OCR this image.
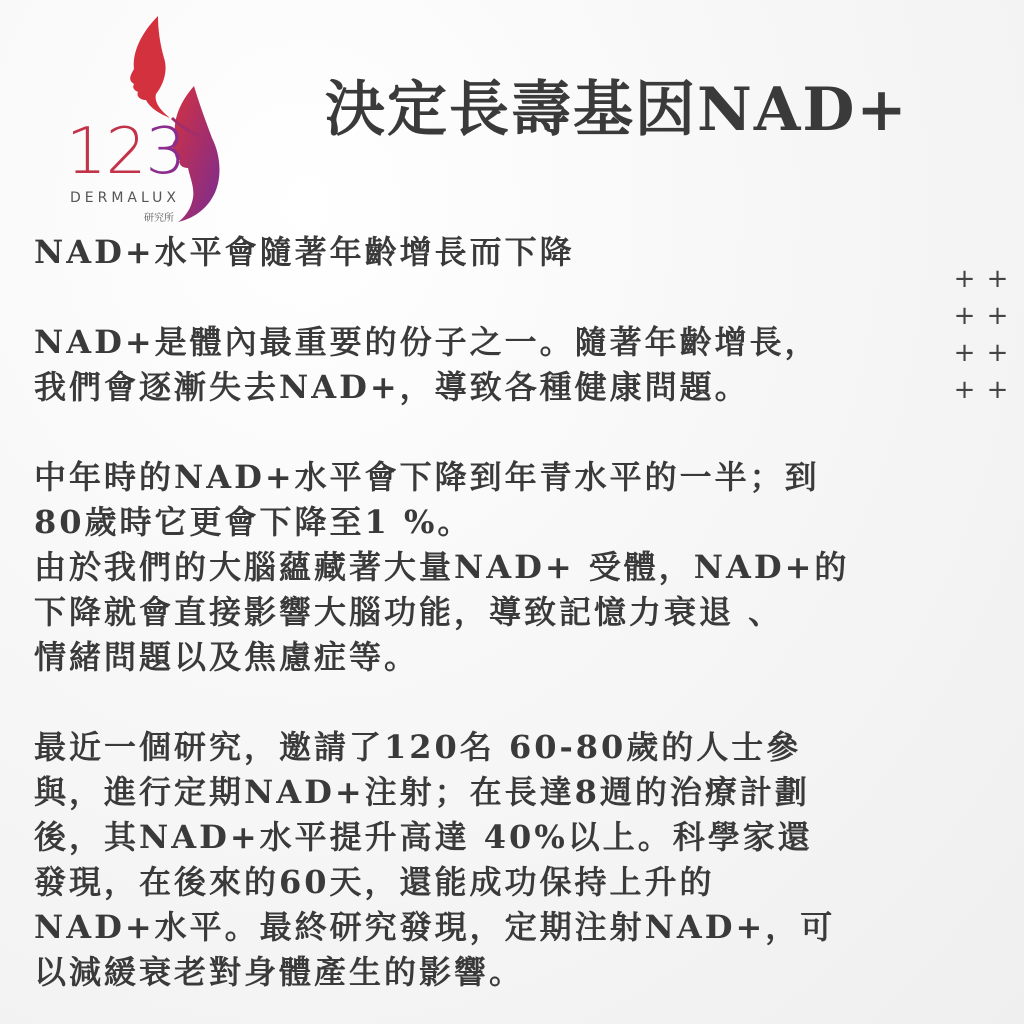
123
DERMALUX
研究所
決定長壽基因NAD+
+ +
+ +
+ +
+ +

NAD+水平會隨著年齡增長而下降

NAD+是體內最重要的份子之一。隨著年齡增長，
我們會逐漸失去NAD+，導致各種健康問題。

中年時的NAD+水平會下降到年青水平的一半；到
80歲時它更會下降至1 %。
由於我們的大腦蘊藏著大量NAD+ 受體，NAD+的
下降就會直接影響大腦功能，導致記憶力衰退 、
情緒問題以及焦慮症等。

最近一個研究，邀請了120名 60-80歲的人士參
與，進行定期NAD+注射；在長達8週的治療計劃
後，其NAD+水平提升高達 40%以上。科學家還
發現，在後來的60天，還能成功保持上升的
NAD+水平。最終研究發現，定期注射NAD+，可
以減緩衰老對身體產生的影響。
